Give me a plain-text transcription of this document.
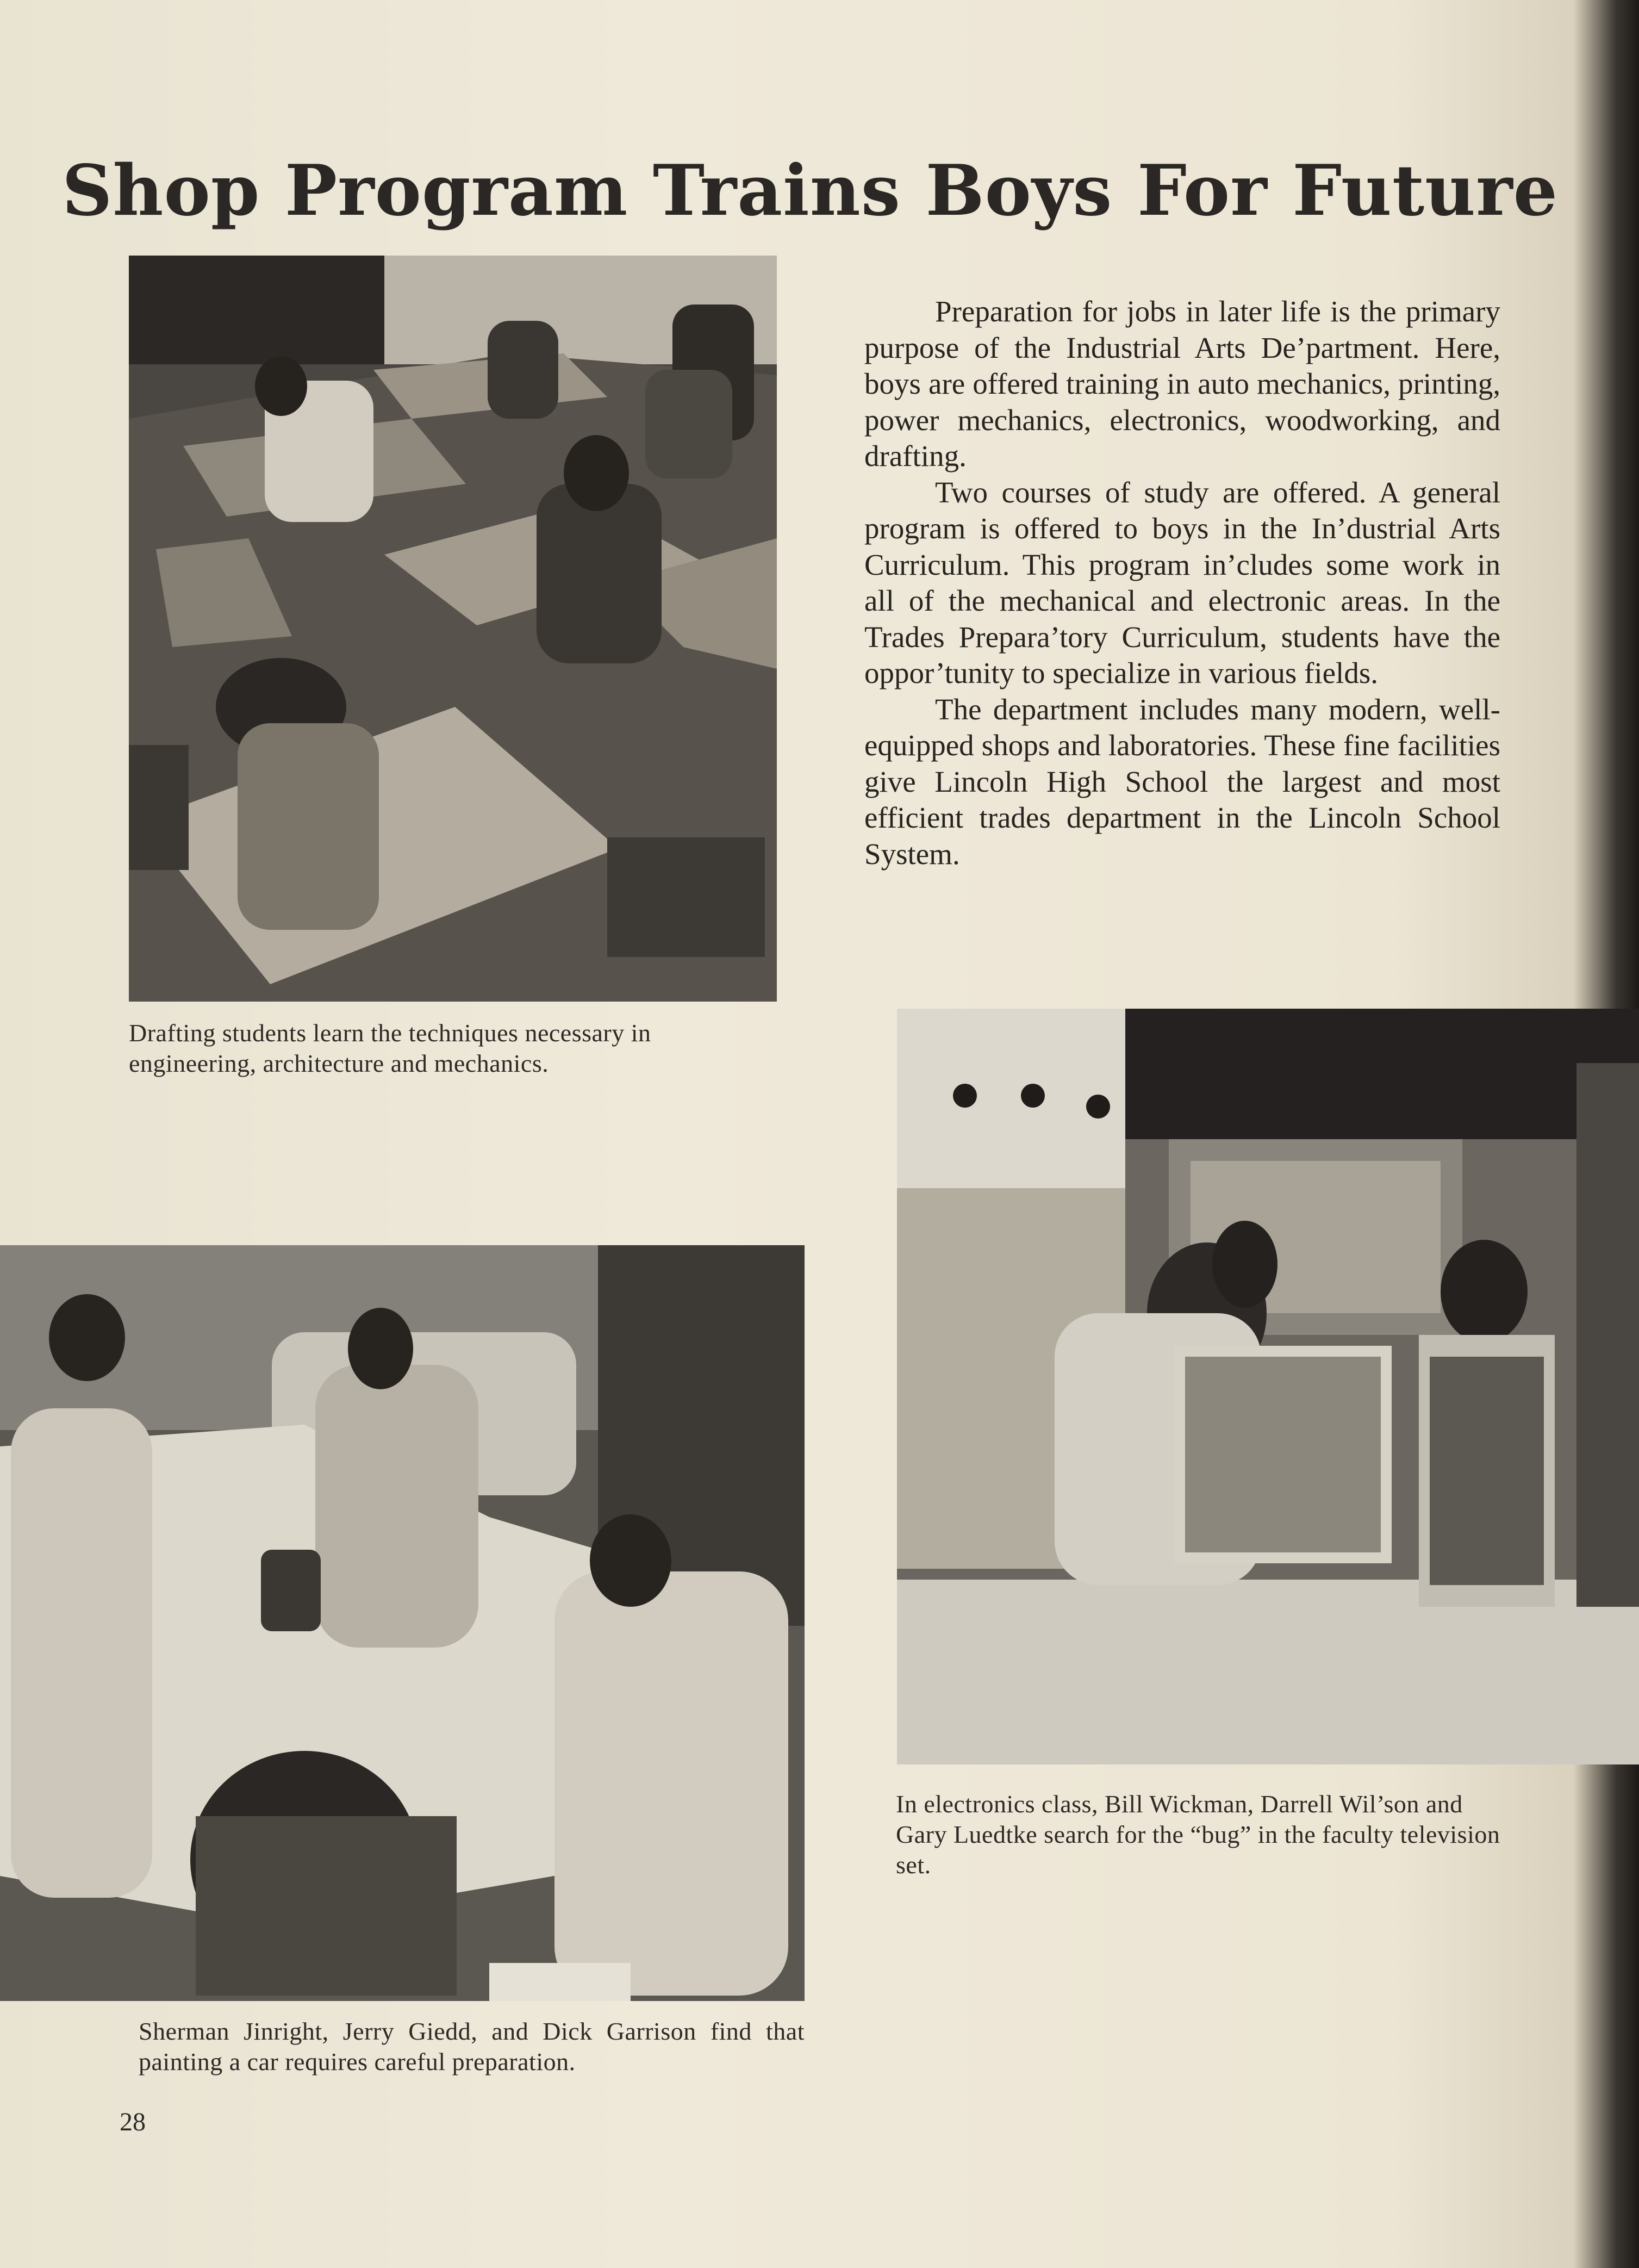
Shop Program Trains Boys For Future
Drafting students learn the techniques necessary in engineering, architecture and mechanics.

Preparation for jobs in later life is the primary purpose of the Industrial Arts De’partment. Here, boys are offered training in auto mechanics, printing, power mechanics, electronics, woodworking, and drafting.

Two courses of study are offered. A general program is offered to boys in the In’dustrial Arts Curriculum. This program in’cludes some work in all of the mechanical and electronic areas. In the Trades Prepara’tory Curriculum, students have the oppor’tunity to specialize in various fields.

The department includes many modern, well-equipped shops and laboratories. These fine facilities give Lincoln High School the largest and most efficient trades department in the Lincoln School System.

In electronics class, Bill Wickman, Darrell Wil’son and Gary Luedtke search for the “bug” in the faculty television set.
Sherman Jinright, Jerry Giedd, and Dick Garrison find that painting a car requires careful preparation.
28
